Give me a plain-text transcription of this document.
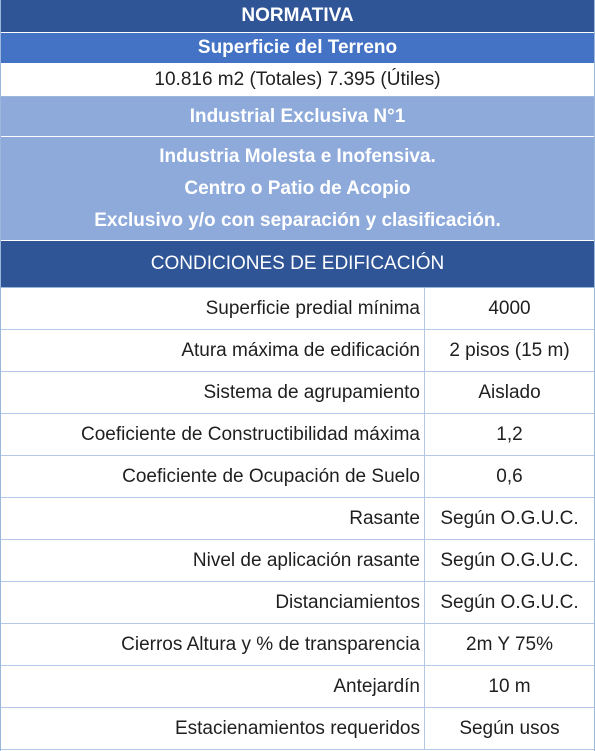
NORMATIVA
Superficie del Terreno
10.816 m2 (Totales) 7.395 (Útiles)
Industrial Exclusiva N°1
Industria Molesta e Inofensiva.
Centro o Patio de Acopio
Exclusivo y/o con separación y clasificación.
CONDICIONES DE EDIFICACIÓN
Superficie predial mínima	4000
Atura máxima de edificación	2 pisos (15 m)
Sistema de agrupamiento	Aislado
Coeficiente de Constructibilidad máxima	1,2
Coeficiente de Ocupación de Suelo	0,6
Rasante	Según O.G.U.C.
Nivel de aplicación rasante	Según O.G.U.C.
Distanciamientos	Según O.G.U.C.
Cierros Altura y % de transparencia	2m Y 75%
Antejardín	10 m
Estacienamientos requeridos	Según usos
